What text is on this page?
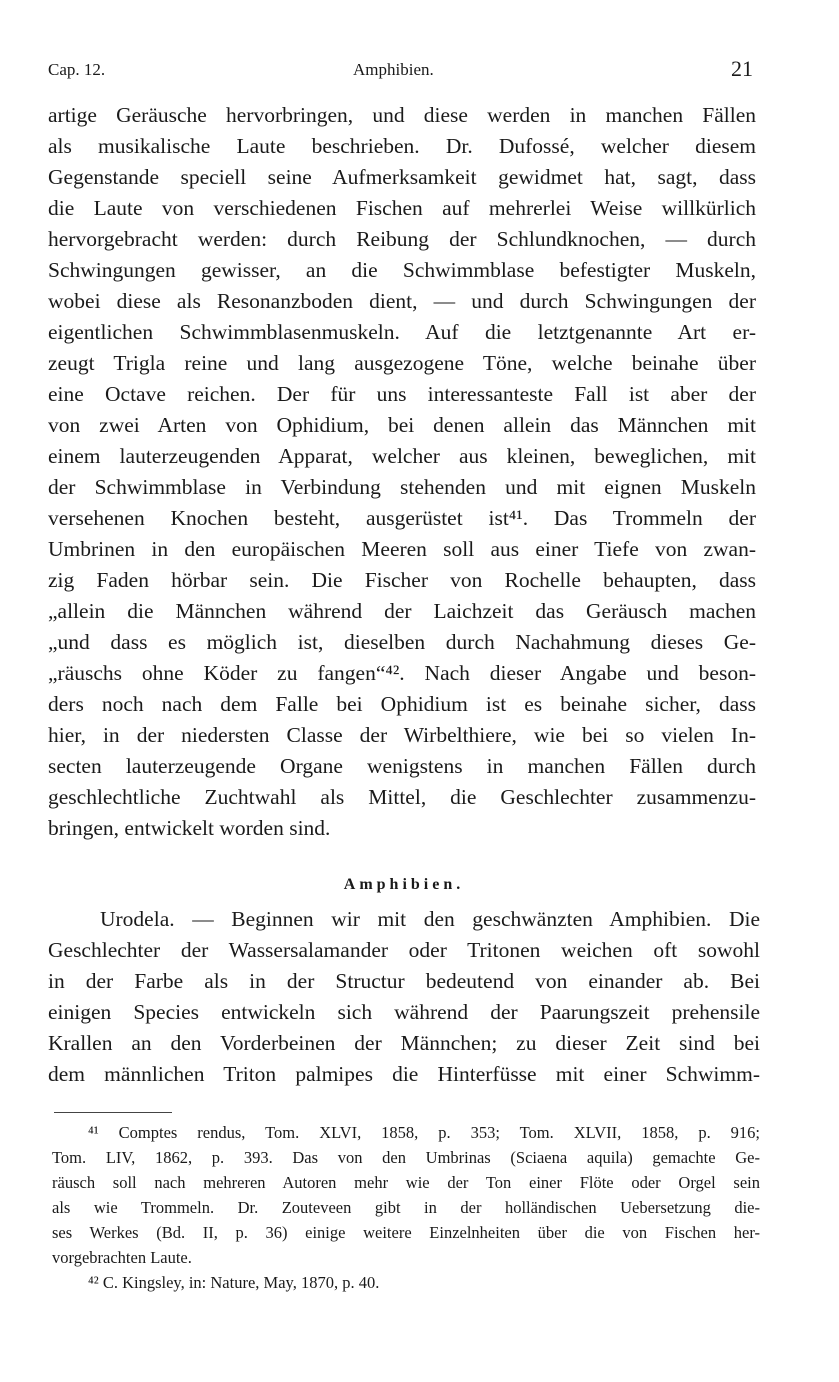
Cap. 12.	Amphibien.	21
artige Geräusche hervorbringen, und diese werden in manchen Fällen
als musikalische Laute beschrieben. Dr. Dufossé, welcher diesem
Gegenstande speciell seine Aufmerksamkeit gewidmet hat, sagt, dass
die Laute von verschiedenen Fischen auf mehrerlei Weise willkürlich
hervorgebracht werden: durch Reibung der Schlundknochen, — durch
Schwingungen gewisser, an die Schwimmblase befestigter Muskeln,
wobei diese als Resonanzboden dient, — und durch Schwingungen der
eigentlichen Schwimmblasenmuskeln. Auf die letztgenannte Art er-
zeugt Trigla reine und lang ausgezogene Töne, welche beinahe über
eine Octave reichen. Der für uns interessanteste Fall ist aber der
von zwei Arten von Ophidium, bei denen allein das Männchen mit
einem lauterzeugenden Apparat, welcher aus kleinen, beweglichen, mit
der Schwimmblase in Verbindung stehenden und mit eignen Muskeln
versehenen Knochen besteht, ausgerüstet ist⁴¹. Das Trommeln der
Umbrinen in den europäischen Meeren soll aus einer Tiefe von zwan-
zig Faden hörbar sein. Die Fischer von Rochelle behaupten, dass
„allein die Männchen während der Laichzeit das Geräusch machen
„und dass es möglich ist, dieselben durch Nachahmung dieses Ge-
„räuschs ohne Köder zu fangen“⁴². Nach dieser Angabe und beson-
ders noch nach dem Falle bei Ophidium ist es beinahe sicher, dass
hier, in der niedersten Classe der Wirbelthiere, wie bei so vielen In-
secten lauterzeugende Organe wenigstens in manchen Fällen durch
geschlechtliche Zuchtwahl als Mittel, die Geschlechter zusammenzu-
bringen, entwickelt worden sind.
Amphibien.
Urodela. — Beginnen wir mit den geschwänzten Amphibien. Die
Geschlechter der Wassersalamander oder Tritonen weichen oft sowohl
in der Farbe als in der Structur bedeutend von einander ab. Bei
einigen Species entwickeln sich während der Paarungszeit prehensile
Krallen an den Vorderbeinen der Männchen; zu dieser Zeit sind bei
dem männlichen Triton palmipes die Hinterfüsse mit einer Schwimm-
⁴¹ Comptes rendus, Tom. XLVI, 1858, p. 353; Tom. XLVII, 1858, p. 916;
Tom. LIV, 1862, p. 393. Das von den Umbrinas (Sciaena aquila) gemachte Ge-
räusch soll nach mehreren Autoren mehr wie der Ton einer Flöte oder Orgel sein
als wie Trommeln. Dr. Zouteveen gibt in der holländischen Uebersetzung die-
ses Werkes (Bd. II, p. 36) einige weitere Einzelnheiten über die von Fischen her-
vorgebrachten Laute.
⁴² C. Kingsley, in: Nature, May, 1870, p. 40.
